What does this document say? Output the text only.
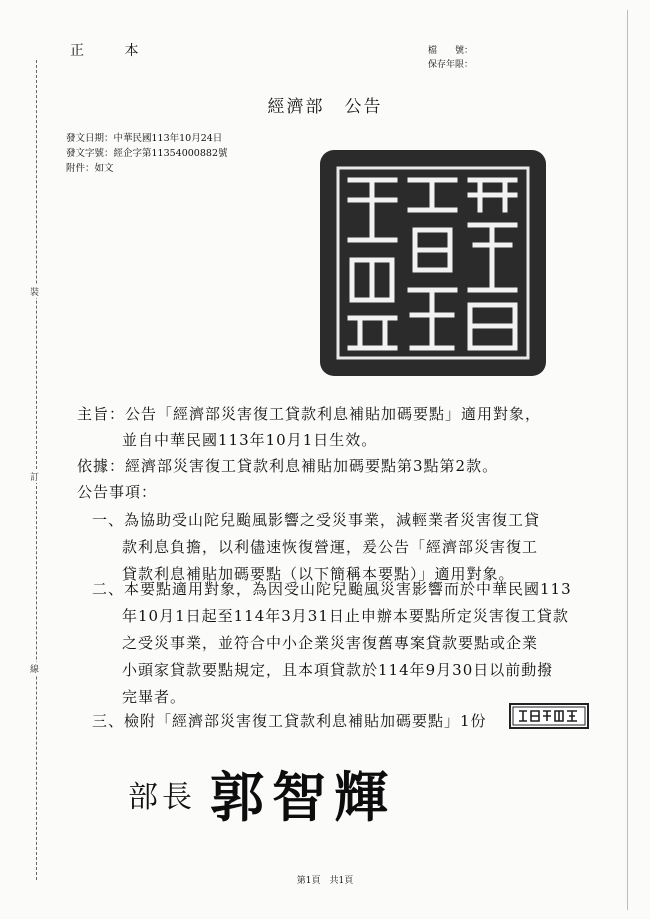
裝
訂
線
正 本	檔　　號：
保存年限：
經濟部 公告
發文日期：中華民國113年10月24日
發文字號：經企字第11354000882號
附件：如文
主旨：公告「經濟部災害復工貸款利息補貼加碼要點」適用對象，
並自中華民國113年10月1日生效。
依據：經濟部災害復工貸款利息補貼加碼要點第3點第2款。
公告事項：
一、為協助受山陀兒颱風影響之受災事業，減輕業者災害復工貸
款利息負擔，以利儘速恢復營運，爰公告「經濟部災害復工
貸款利息補貼加碼要點（以下簡稱本要點）」適用對象。
二、本要點適用對象，為因受山陀兒颱風災害影響而於中華民國113
年10月1日起至114年3月31日止申辦本要點所定災害復工貸款
之受災事業，並符合中小企業災害復舊專案貸款要點或企業
小頭家貸款要點規定，且本項貸款於114年9月30日以前動撥
完畢者。
三、檢附「經濟部災害復工貸款利息補貼加碼要點」1份
部長 郭智輝
第1頁　共1頁
